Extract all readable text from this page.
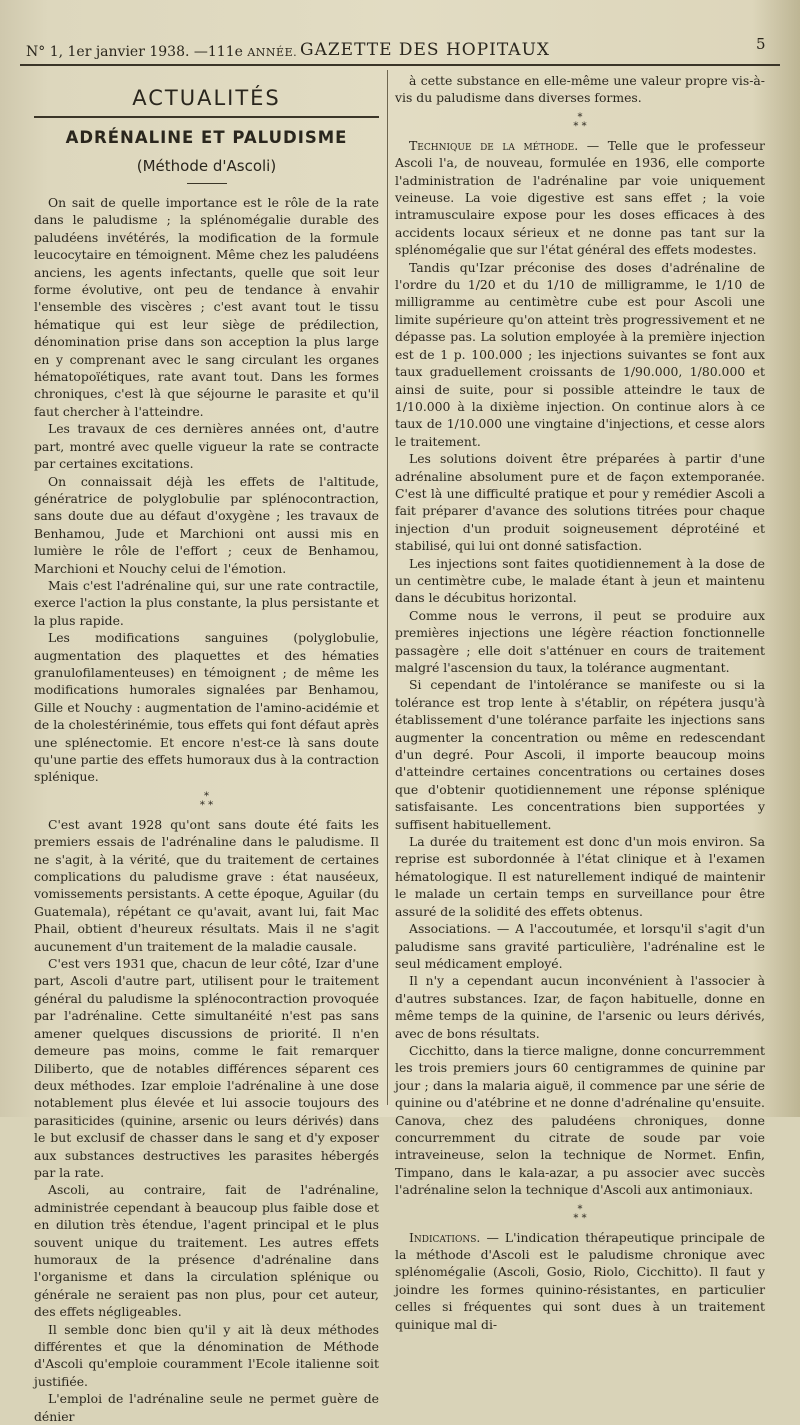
N° 1, 1er janvier 1938. —111e ANNÉE. GAZETTE DES HOPITAUX	5
ACTUALITÉS
ADRÉNALINE ET PALUDISME
(Méthode d'Ascoli)

On sait de quelle importance est le rôle de la rate dans le paludisme ; la splénomégalie durable des paludéens invétérés, la modification de la formule leucocytaire en témoignent. Même chez les paludéens anciens, les agents infectants, quelle que soit leur forme évolutive, ont peu de tendance à envahir l'ensemble des viscères ; c'est avant tout le tissu hématique qui est leur siège de prédilection, dénomination prise dans son acception la plus large en y comprenant avec le sang circulant les organes hématopoïétiques, rate avant tout. Dans les formes chroniques, c'est là que séjourne le parasite et qu'il faut chercher à l'atteindre.

Les travaux de ces dernières années ont, d'autre part, montré avec quelle vigueur la rate se contracte par certaines excitations.

On connaissait déjà les effets de l'altitude, génératrice de polyglobulie par splénocontraction, sans doute due au défaut d'oxygène ; les travaux de Benhamou, Jude et Marchioni ont aussi mis en lumière le rôle de l'effort ; ceux de Benhamou, Marchioni et Nouchy celui de l'émotion.

Mais c'est l'adrénaline qui, sur une rate contractile, exerce l'action la plus constante, la plus persistante et la plus rapide.

Les modifications sanguines (polyglobulie, augmentation des plaquettes et des hématies granulofilamenteuses) en témoignent ; de même les modifications humorales signalées par Benhamou, Gille et Nouchy : augmentation de l'amino-acidémie et de la cholestérinémie, tous effets qui font défaut après une splénectomie. Et encore n'est-ce là sans doute qu'une partie des effets humoraux dus à la contraction splénique.

*
* *

C'est avant 1928 qu'ont sans doute été faits les premiers essais de l'adrénaline dans le paludisme. Il ne s'agit, à la vérité, que du traitement de certaines complications du paludisme grave : état nauséeux, vomissements persistants. A cette époque, Aguilar (du Guatemala), répétant ce qu'avait, avant lui, fait Mac Phail, obtient d'heureux résultats. Mais il ne s'agit aucunement d'un traitement de la maladie causale.

C'est vers 1931 que, chacun de leur côté, Izar d'une part, Ascoli d'autre part, utilisent pour le traitement général du paludisme la splénocontraction provoquée par l'adrénaline. Cette simultanéité n'est pas sans amener quelques discussions de priorité. Il n'en demeure pas moins, comme le fait remarquer Diliberto, que de notables différences séparent ces deux méthodes. Izar emploie l'adrénaline à une dose notablement plus élevée et lui associe toujours des parasiticides (quinine, arsenic ou leurs dérivés) dans le but exclusif de chasser dans le sang et d'y exposer aux substances destructives les parasites hébergés par la rate.

Ascoli, au contraire, fait de l'adrénaline, administrée cependant à beaucoup plus faible dose et en dilution très étendue, l'agent principal et le plus souvent unique du traitement. Les autres effets humoraux de la présence d'adrénaline dans l'organisme et dans la circulation splénique ou générale ne seraient pas non plus, pour cet auteur, des effets négligeables.

Il semble donc bien qu'il y ait là deux méthodes différentes et que la dénomination de Méthode d'Ascoli qu'emploie couramment l'Ecole italienne soit justifiée.

L'emploi de l'adrénaline seule ne permet guère de dénier

à cette substance en elle-même une valeur propre vis-à-vis du paludisme dans diverses formes.

*
* *

Technique de la méthode. — Telle que le professeur Ascoli l'a, de nouveau, formulée en 1936, elle comporte l'administration de l'adrénaline par voie uniquement veineuse. La voie digestive est sans effet ; la voie intramusculaire expose pour les doses efficaces à des accidents locaux sérieux et ne donne pas tant sur la splénomégalie que sur l'état général des effets modestes.

Tandis qu'Izar préconise des doses d'adrénaline de l'ordre du 1/20 et du 1/10 de milligramme, le 1/10 de milligramme au centimètre cube est pour Ascoli une limite supérieure qu'on atteint très progressivement et ne dépasse pas. La solution employée à la première injection est de 1 p. 100.000 ; les injections suivantes se font aux taux graduellement croissants de 1/90.000, 1/80.000 et ainsi de suite, pour si possible atteindre le taux de 1/10.000 à la dixième injection. On continue alors à ce taux de 1/10.000 une vingtaine d'injections, et cesse alors le traitement.

Les solutions doivent être préparées à partir d'une adrénaline absolument pure et de façon extemporanée. C'est là une difficulté pratique et pour y remédier Ascoli a fait préparer d'avance des solutions titrées pour chaque injection d'un produit soigneusement déprotéiné et stabilisé, qui lui ont donné satisfaction.

Les injections sont faites quotidiennement à la dose de un centimètre cube, le malade étant à jeun et maintenu dans le décubitus horizontal.

Comme nous le verrons, il peut se produire aux premières injections une légère réaction fonctionnelle passagère ; elle doit s'atténuer en cours de traitement malgré l'ascension du taux, la tolérance augmentant.

Si cependant de l'intolérance se manifeste ou si la tolérance est trop lente à s'établir, on répétera jusqu'à établissement d'une tolérance parfaite les injections sans augmenter la concentration ou même en redescendant d'un degré. Pour Ascoli, il importe beaucoup moins d'atteindre certaines concentrations ou certaines doses que d'obtenir quotidiennement une réponse splénique satisfaisante. Les concentrations bien supportées y suffisent habituellement.

La durée du traitement est donc d'un mois environ. Sa reprise est subordonnée à l'état clinique et à l'examen hématologique. Il est naturellement indiqué de maintenir le malade un certain temps en surveillance pour être assuré de la solidité des effets obtenus.

Associations. — A l'accoutumée, et lorsqu'il s'agit d'un paludisme sans gravité particulière, l'adrénaline est le seul médicament employé.

Il n'y a cependant aucun inconvénient à l'associer à d'autres substances. Izar, de façon habituelle, donne en même temps de la quinine, de l'arsenic ou leurs dérivés, avec de bons résultats.

Cicchitto, dans la tierce maligne, donne concurremment les trois premiers jours 60 centigrammes de quinine par jour ; dans la malaria aiguë, il commence par une série de quinine ou d'atébrine et ne donne d'adrénaline qu'ensuite. Canova, chez des paludéens chroniques, donne concurremment du citrate de soude par voie intraveineuse, selon la technique de Normet. Enfin, Timpano, dans le kala-azar, a pu associer avec succès l'adrénaline selon la technique d'Ascoli aux antimoniaux.

*
* *

Indications. — L'indication thérapeutique principale de la méthode d'Ascoli est le paludisme chronique avec splénomégalie (Ascoli, Gosio, Riolo, Cicchitto). Il faut y joindre les formes quinino-résistantes, en particulier celles si fréquentes qui sont dues à un traitement quinique mal di-
